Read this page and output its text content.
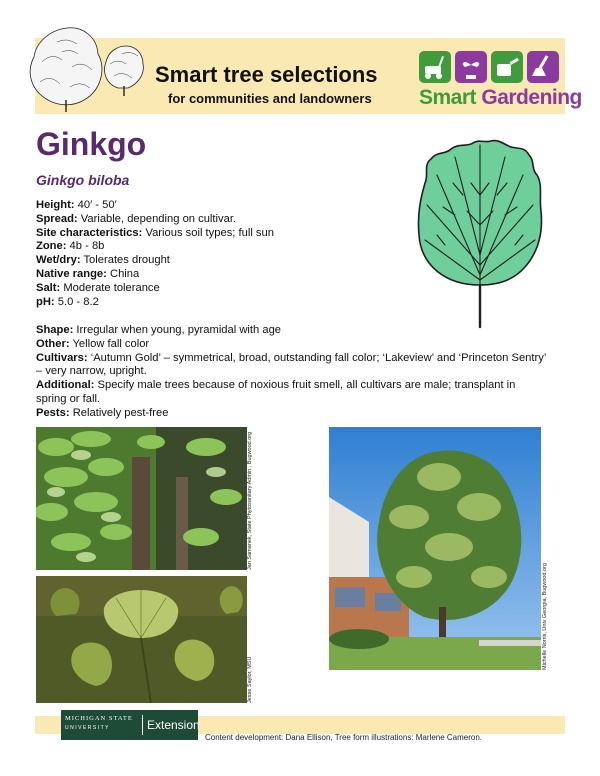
Smart tree selections
for communities and landowners Smart Gardening
Ginkgo
Ginkgo biloba
Height: 40′ - 50′
Spread: Variable, depending on cultivar.
Site characteristics: Various soil types; full sun
Zone: 4b - 8b
Wet/dry: Tolerates drought
Native range: China
Salt: Moderate tolerance
pH: 5.0 - 8.2
Shape: Irregular when young, pyramidal with age
Other: Yellow fall color
Cultivars: ‘Autumn Gold’ – symmetrical, broad, outstanding fall color; ‘Lakeview’ and ‘Princeton Sentry’ – very narrow, upright.
Additional: Specify male trees because of noxious fruit smell, all cultivars are male; transplant in spring or fall.
Pests: Relatively pest-free
Jan Samanek, State Phytosanitary Admin., Bugwood.org
Jesse Saylor, MSU
Michelle Norris, Univ Georgia, Bugwood.org
MICHIGAN STATE
UNIVERSITY	Extension
Content development: Dana Ellison, Tree form illustrations: Marlene Cameron.
